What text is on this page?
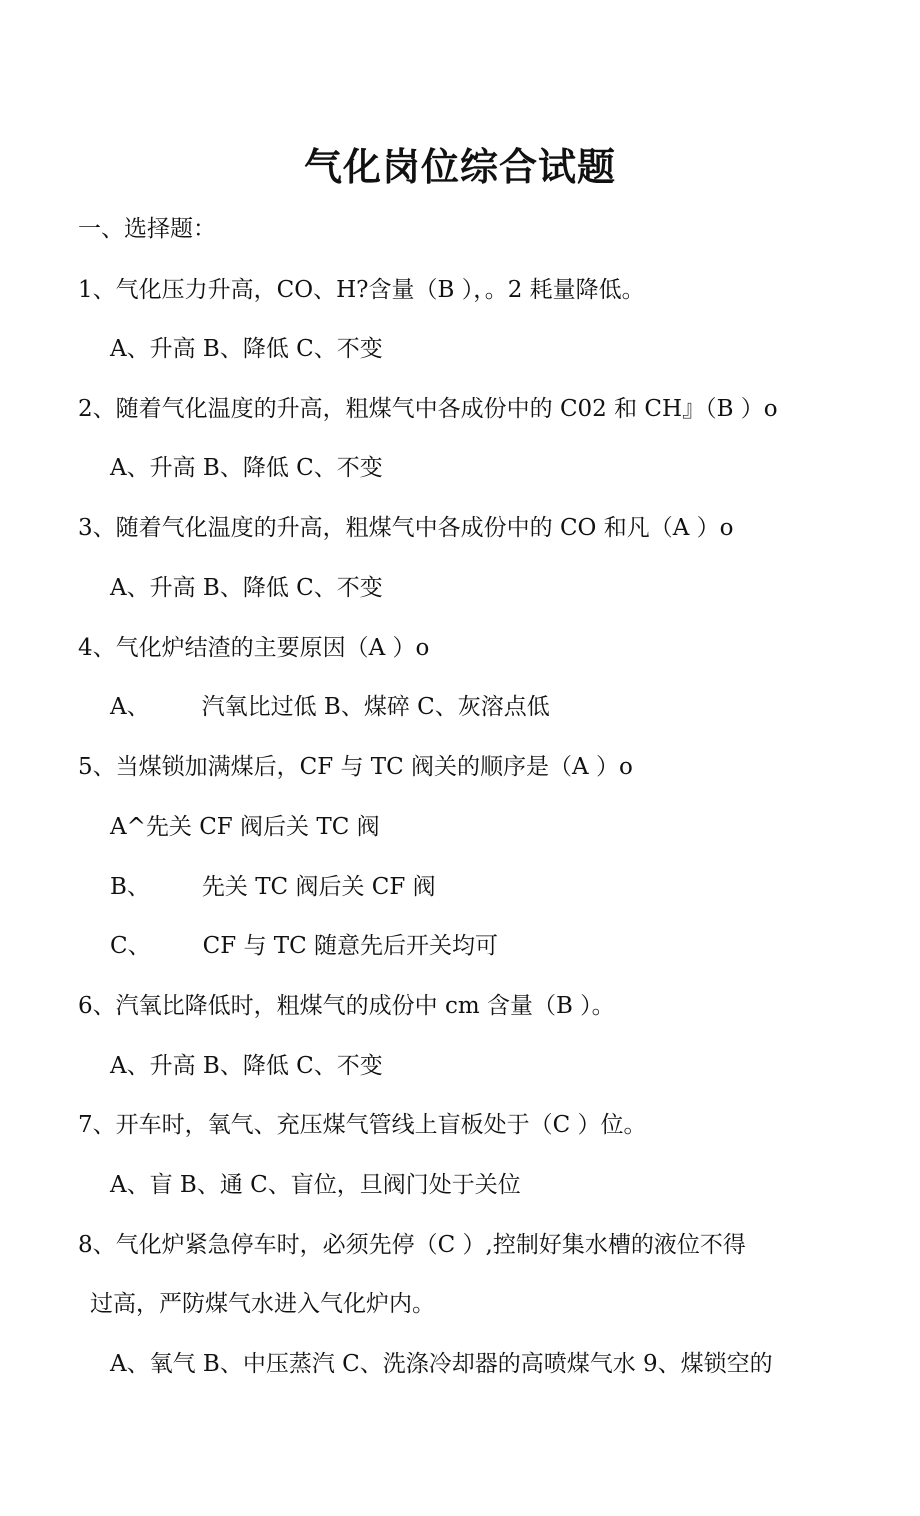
气化岗位综合试题
一、选择题：
1、气化压力升高，CO、H?含量（B ），。2 耗量降低。
A、升高 B、降低 C、不变
2、随着气化温度的升高，粗煤气中各成份中的 C02 和 CH』（B ）o
A、升高 B、降低 C、不变
3、随着气化温度的升高，粗煤气中各成份中的 CO 和凡（A ）o
A、升高 B、降低 C、不变
4、气化炉结渣的主要原因（A ）o
A、 汽氧比过低 B、煤碎 C、灰溶点低
5、当煤锁加满煤后，CF 与 TC 阀关的顺序是（A ）o
A^先关 CF 阀后关 TC 阀
B、 先关 TC 阀后关 CF 阀
C、 CF 与 TC 随意先后开关均可
6、汽氧比降低时，粗煤气的成份中 cm 含量（B ）。
A、升高 B、降低 C、不变
7、开车时，氧气、充压煤气管线上盲板处于（C ）位。
A、盲 B、通 C、盲位，旦阀门处于关位
8、气化炉紧急停车时，必须先停（C ）,控制好集水槽的液位不得
过高，严防煤气水进入气化炉内。
A、氧气 B、中压蒸汽 C、洗涤冷却器的高喷煤气水 9、煤锁空的
